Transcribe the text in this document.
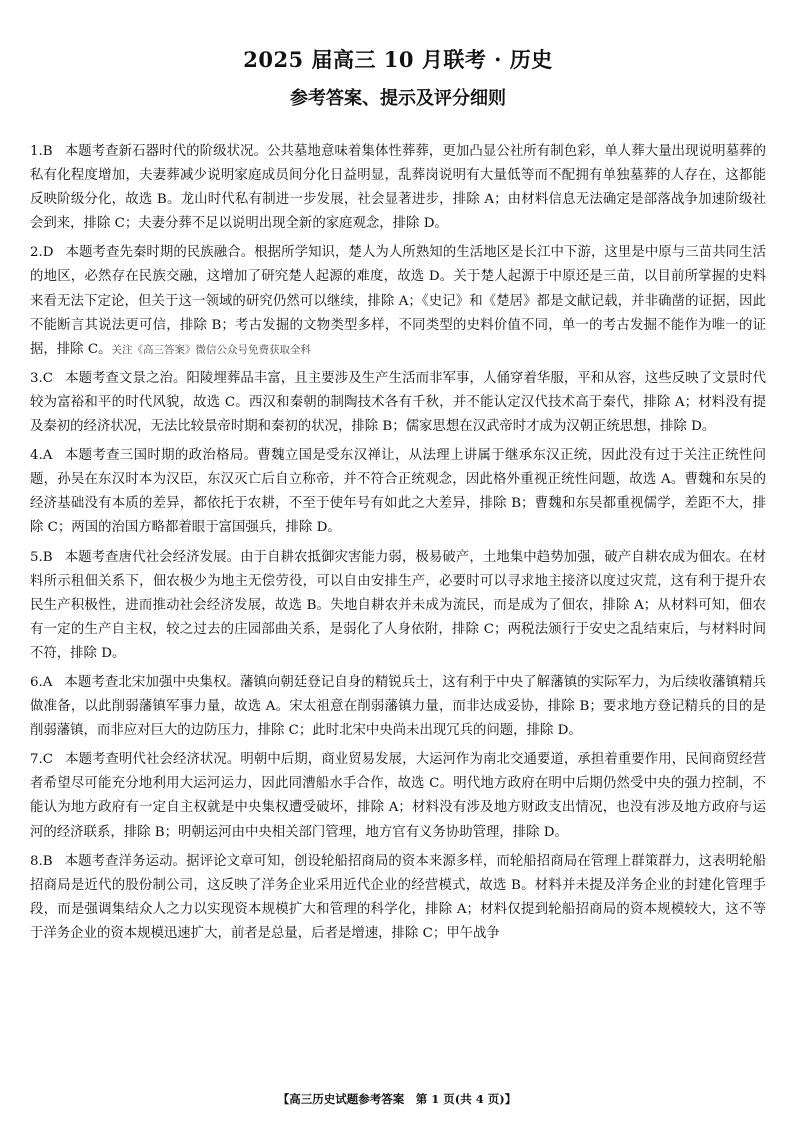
2025 届高三 10 月联考 · 历史
参考答案、提示及评分细则

1.B 本题考查新石器时代的阶级状况。公共墓地意味着集体性葬葬，更加凸显公社所有制色彩，单人葬大量出现说明墓葬的私有化程度增加，夫妻葬减少说明家庭成员间分化日益明显，乱葬岗说明有大量低等而不配拥有单独墓葬的人存在，这都能反映阶级分化，故选 B。龙山时代私有制进一步发展，社会显著进步，排除 A；由材料信息无法确定是部落战争加速阶级社会到来，排除 C；夫妻分葬不足以说明出现全新的家庭观念，排除 D。

2.D 本题考查先秦时期的民族融合。根据所学知识，楚人为人所熟知的生活地区是长江中下游，这里是中原与三苗共同生活的地区，必然存在民族交融，这增加了研究楚人起源的难度，故选 D。关于楚人起源于中原还是三苗，以目前所掌握的史料来看无法下定论，但关于这一领域的研究仍然可以继续，排除 A；《史记》和《楚居》都是文献记载，并非确凿的证据，因此不能断言其说法更可信，排除 B；考古发掘的文物类型多样，不同类型的史料价值不同，单一的考古发掘不能作为唯一的证据，排除 C。关注《高三答案》微信公众号免费获取全科

3.C 本题考查文景之治。阳陵埋葬品丰富，且主要涉及生产生活而非军事，人俑穿着华服，平和从容，这些反映了文景时代较为富裕和平的时代风貌，故选 C。西汉和秦朝的制陶技术各有千秋，并不能认定汉代技术高于秦代，排除 A；材料没有提及秦初的经济状况，无法比较景帝时期和秦初的状况，排除 B；儒家思想在汉武帝时才成为汉朝正统思想，排除 D。

4.A 本题考查三国时期的政治格局。曹魏立国是受东汉禅让，从法理上讲属于继承东汉正统，因此没有过于关注正统性问题，孙吴在东汉时本为汉臣，东汉灭亡后自立称帝，并不符合正统观念，因此格外重视正统性问题，故选 A。曹魏和东吴的经济基础没有本质的差异，都依托于农耕，不至于使年号有如此之大差异，排除 B；曹魏和东吴都重视儒学，差距不大，排除 C；两国的治国方略都着眼于富国强兵，排除 D。

5.B 本题考查唐代社会经济发展。由于自耕农抵御灾害能力弱，极易破产，土地集中趋势加强，破产自耕农成为佃农。在材料所示租佃关系下，佃农极少为地主无偿劳役，可以自由安排生产，必要时可以寻求地主接济以度过灾荒，这有利于提升农民生产积极性，进而推动社会经济发展，故选 B。失地自耕农并未成为流民，而是成为了佃农，排除 A；从材料可知，佃农有一定的生产自主权，较之过去的庄园部曲关系，是弱化了人身依附，排除 C；两税法颁行于安史之乱结束后，与材料时间不符，排除 D。

6.A 本题考查北宋加强中央集权。藩镇向朝廷登记自身的精锐兵士，这有利于中央了解藩镇的实际军力，为后续收藩镇精兵做准备，以此削弱藩镇军事力量，故选 A。宋太祖意在削弱藩镇力量，而非达成妥协，排除 B；要求地方登记精兵的目的是削弱藩镇，而非应对巨大的边防压力，排除 C；此时北宋中央尚未出现冗兵的问题，排除 D。

7.C 本题考查明代社会经济状况。明朝中后期，商业贸易发展，大运河作为南北交通要道，承担着重要作用，民间商贸经营者希望尽可能充分地利用大运河运力，因此同漕船水手合作，故选 C。明代地方政府在明中后期仍然受中央的强力控制，不能认为地方政府有一定自主权就是中央集权遭受破坏，排除 A；材料没有涉及地方财政支出情况，也没有涉及地方政府与运河的经济联系，排除 B；明朝运河由中央相关部门管理，地方官有义务协助管理，排除 D。

8.B 本题考查洋务运动。据评论文章可知，创设轮船招商局的资本来源多样，而轮船招商局在管理上群策群力，这表明轮船招商局是近代的股份制公司，这反映了洋务企业采用近代企业的经营模式，故选 B。材料并未提及洋务企业的封建化管理手段，而是强调集结众人之力以实现资本规模扩大和管理的科学化，排除 A；材料仅提到轮船招商局的资本规模较大，这不等于洋务企业的资本规模迅速扩大，前者是总量，后者是增速，排除 C；甲午战争

【高三历史试题参考答案　第 1 页(共 4 页)】
